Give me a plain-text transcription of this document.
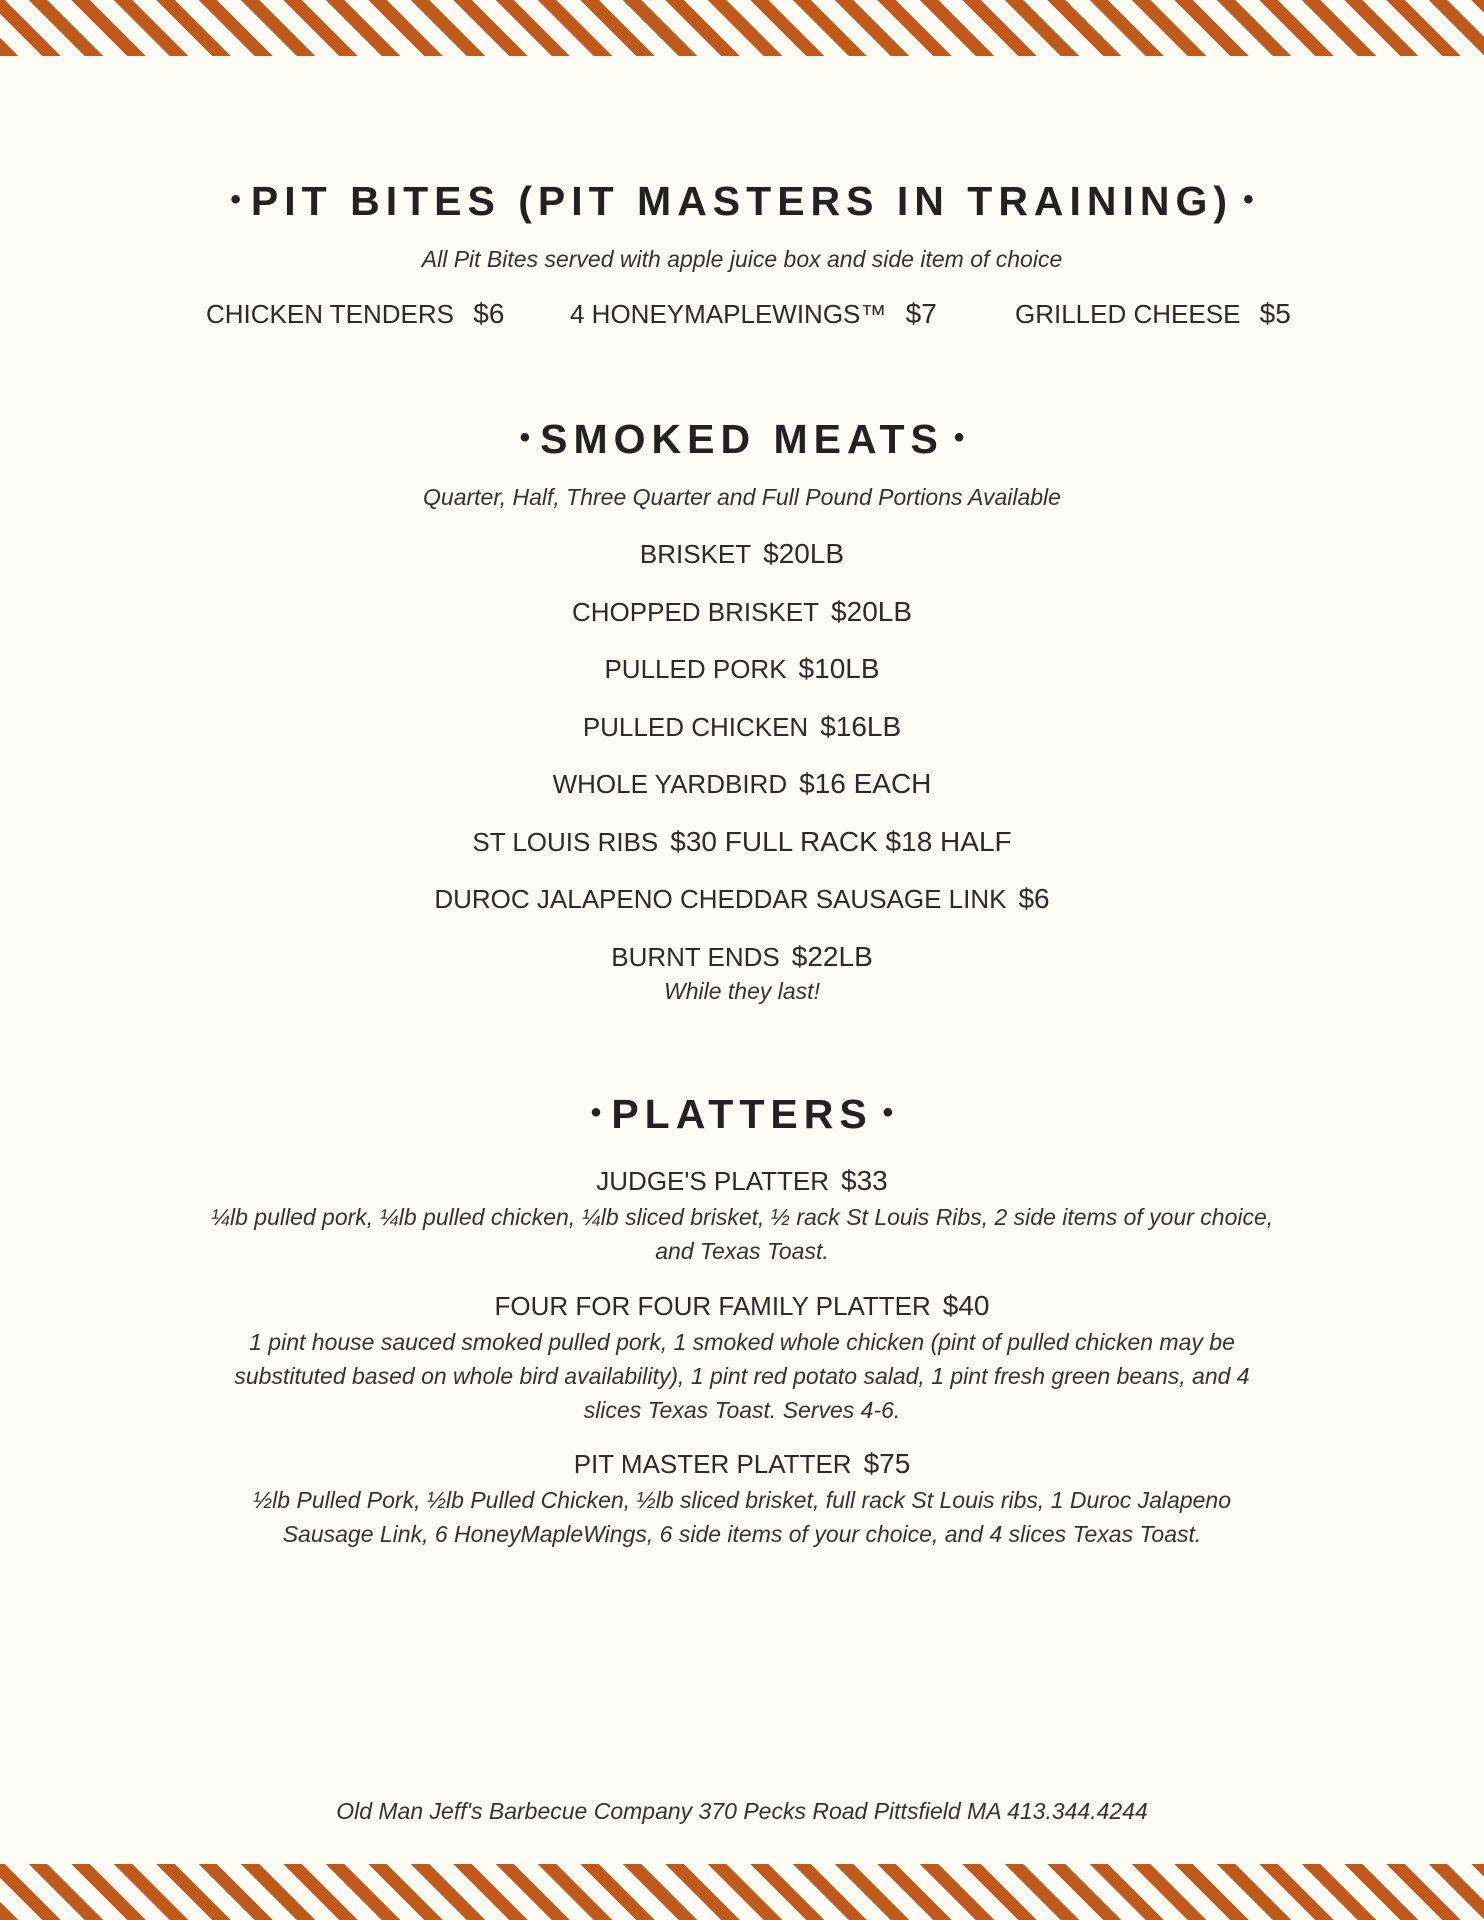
• PIT BITES (PIT MASTERS IN TRAINING) •
All Pit Bites served with apple juice box and side item of choice
CHICKEN TENDERS $6	4 HONEYMAPLEWINGS™ $7	GRILLED CHEESE $5
• SMOKED MEATS •
Quarter, Half, Three Quarter and Full Pound Portions Available
BRISKET $20LB
CHOPPED BRISKET $20LB
PULLED PORK $10LB
PULLED CHICKEN $16LB
WHOLE YARDBIRD $16 EACH
ST LOUIS RIBS $30 FULL RACK $18 HALF
DUROC JALAPENO CHEDDAR SAUSAGE LINK $6
BURNT ENDS $22LB
While they last!
• PLATTERS •
JUDGE'S PLATTER $33
¼lb pulled pork, ¼lb pulled chicken, ¼lb sliced brisket, ½ rack St Louis Ribs, 2 side items of your choice,
and Texas Toast.
FOUR FOR FOUR FAMILY PLATTER $40
1 pint house sauced smoked pulled pork, 1 smoked whole chicken (pint of pulled chicken may be
substituted based on whole bird availability), 1 pint red potato salad, 1 pint fresh green beans, and 4
slices Texas Toast. Serves 4-6.
PIT MASTER PLATTER $75
½lb Pulled Pork, ½lb Pulled Chicken, ½lb sliced brisket, full rack St Louis ribs, 1 Duroc Jalapeno
Sausage Link, 6 HoneyMapleWings, 6 side items of your choice, and 4 slices Texas Toast.
Old Man Jeff's Barbecue Company 370 Pecks Road Pittsfield MA 413.344.4244
